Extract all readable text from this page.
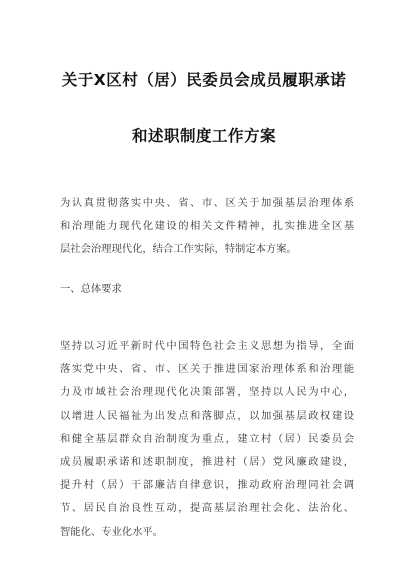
关于X区村（居）民委员会成员履职承诺
和述职制度工作方案
为认真贯彻落实中央、省、市、区关于加强基层治理体系
和治理能力现代化建设的相关文件精神，扎实推进全区基
层社会治理现代化，结合工作实际，特制定本方案。
一、总体要求
坚持以习近平新时代中国特色社会主义思想为指导，全面
落实党中央、省、市、区关于推进国家治理体系和治理能
力及市域社会治理现代化决策部署，坚持以人民为中心，
以增进人民福祉为出发点和落脚点，以加强基层政权建设
和健全基层群众自治制度为重点，建立村（居）民委员会
成员履职承诺和述职制度，推进村（居）党风廉政建设，
提升村（居）干部廉洁自律意识，推动政府治理同社会调
节、居民自治良性互动，提高基层治理社会化、法治化、
智能化、专业化水平。
